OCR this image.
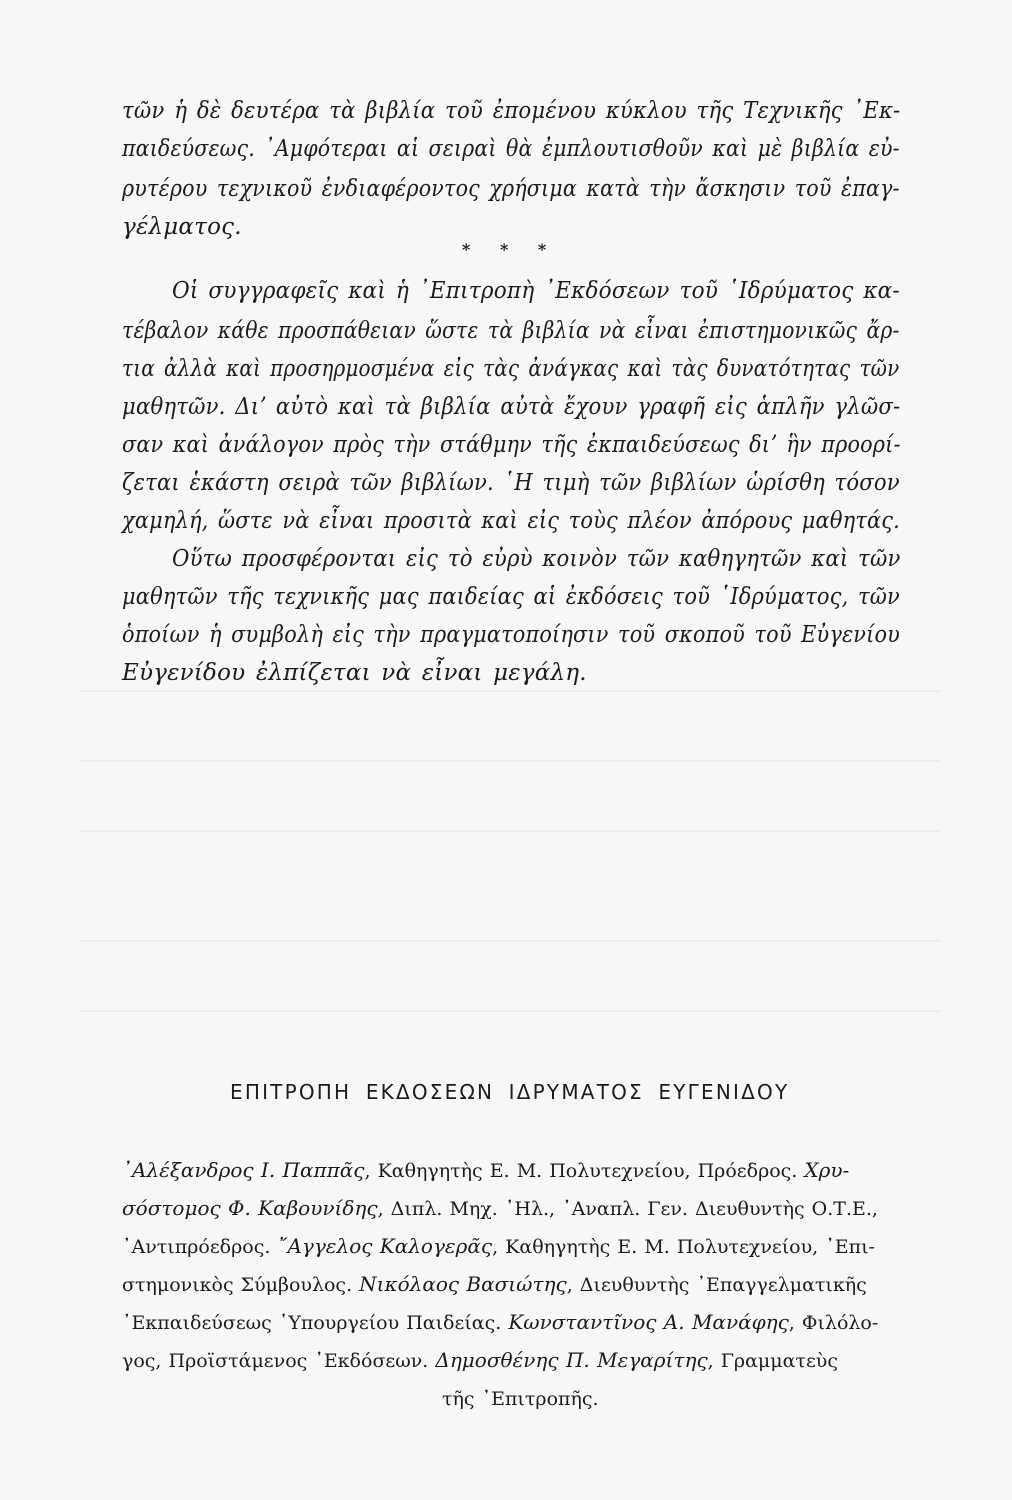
τῶν ἡ δὲ δευτέρα τὰ βιβλία τοῦ ἐπομένου κύκλου τῆς Τεχνικῆς ᾿Εκ-
παιδεύσεως. ᾿Αμφότεραι αἱ σειραὶ θὰ ἐμπλουτισθοῦν καὶ μὲ βιβλία εὐ-
ρυτέρου τεχνικοῦ ἐνδιαφέροντος χρήσιμα κατὰ τὴν ἄσκησιν τοῦ ἐπαγ-
γέλματος.
* * *
Οἱ συγγραφεῖς καὶ ἡ ᾿Επιτροπὴ ᾿Εκδόσεων τοῦ ῾Ιδρύματος κα-
τέβαλον κάθε προσπάθειαν ὥστε τὰ βιβλία νὰ εἶναι ἐπιστημονικῶς ἄρ-
τια ἀλλὰ καὶ προσηρμοσμένα εἰς τὰς ἀνάγκας καὶ τὰς δυνατότητας τῶν
μαθητῶν. Διʼ αὐτὸ καὶ τὰ βιβλία αὐτὰ ἔχουν γραφῆ εἰς ἁπλῆν γλῶσ-
σαν καὶ ἀνάλογον πρὸς τὴν στάθμην τῆς ἐκπαιδεύσεως διʼ ἣν προορί-
ζεται ἑκάστη σειρὰ τῶν βιβλίων. ῾Η τιμὴ τῶν βιβλίων ὡρίσθη τόσον
χαμηλή, ὥστε νὰ εἶναι προσιτὰ καὶ εἰς τοὺς πλέον ἀπόρους μαθητάς.
Οὕτω προσφέρονται εἰς τὸ εὐρὺ κοινὸν τῶν καθηγητῶν καὶ τῶν
μαθητῶν τῆς τεχνικῆς μας παιδείας αἱ ἐκδόσεις τοῦ ῾Ιδρύματος, τῶν
ὁποίων ἡ συμβολὴ εἰς τὴν πραγματοποίησιν τοῦ σκοποῦ τοῦ Εὐγενίου
Εὐγενίδου ἐλπίζεται νὰ εἶναι μεγάλη.
ΕΠΙΤΡΟΠΗ ΕΚΔΟΣΕΩΝ ΙΔΡΥΜΑΤΟΣ ΕΥΓΕΝΙΔΟΥ
᾿Αλέξανδρος Ι. Παππᾶς, Καθηγητὴς Ε. Μ. Πολυτεχνείου, Πρόεδρος. Χρυ-
σόστομος Φ. Καβουνίδης, Διπλ. Μηχ. ᾿Ηλ., ᾿Αναπλ. Γεν. Διευθυντὴς Ο.Τ.Ε.,
᾿Αντιπρόεδρος. ῎Αγγελος Καλογερᾶς, Καθηγητὴς Ε. Μ. Πολυτεχνείου, ᾿Επι-
στημονικὸς Σύμβουλος. Νικόλαος Βασιώτης, Διευθυντὴς ᾿Επαγγελματικῆς
᾿Εκπαιδεύσεως ῾Υπουργείου Παιδείας. Κωνσταντῖνος Α. Μανάφης, Φιλόλο-
γος, Προϊστάμενος ᾿Εκδόσεων. Δημοσθένης Π. Μεγαρίτης, Γραμματεὺς
τῆς ᾿Επιτροπῆς.
